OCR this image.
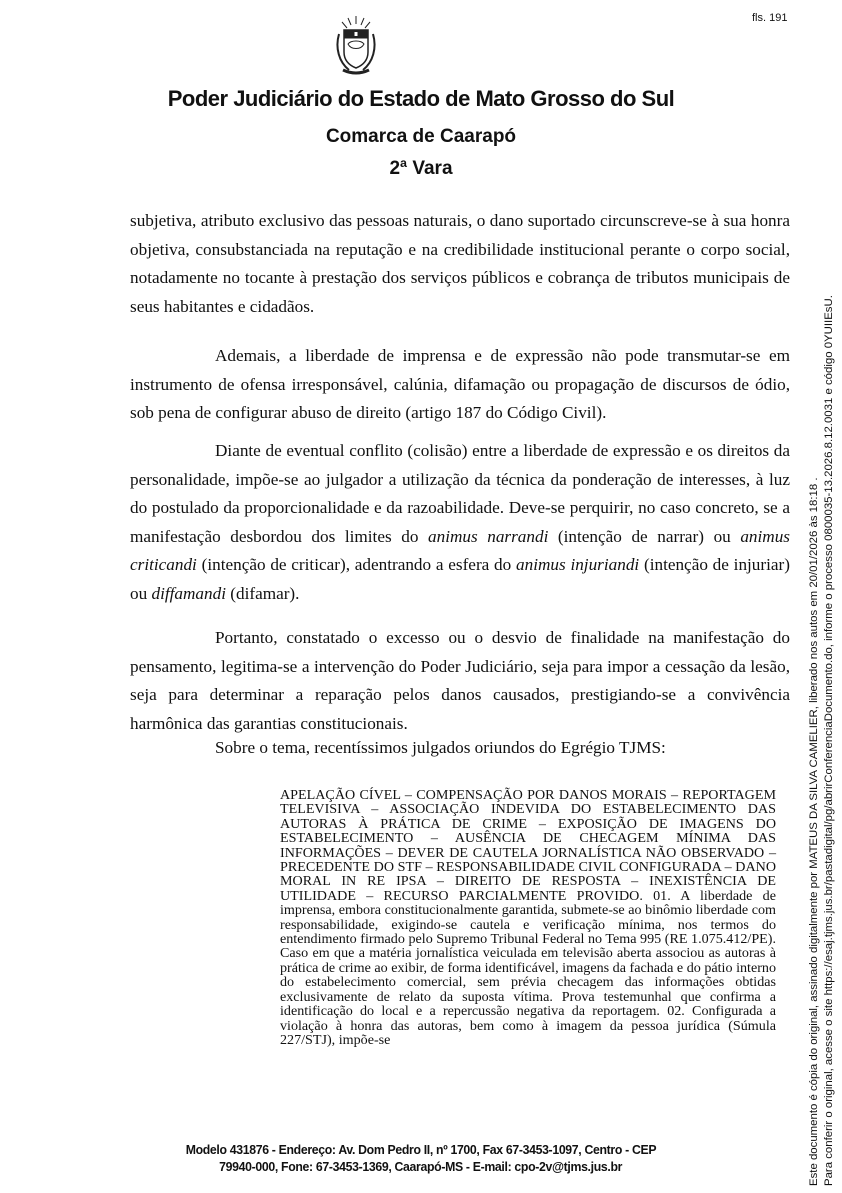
fls. 191
Poder Judiciário do Estado de Mato Grosso do Sul
Comarca de Caarapó
2ª Vara
subjetiva, atributo exclusivo das pessoas naturais, o dano suportado circunscreve-se à sua honra objetiva, consubstanciada na reputação e na credibilidade institucional perante o corpo social, notadamente no tocante à prestação dos serviços públicos e cobrança de tributos municipais de seus habitantes e cidadãos.
Ademais, a liberdade de imprensa e de expressão não pode transmutar-se em instrumento de ofensa irresponsável, calúnia, difamação ou propagação de discursos de ódio, sob pena de configurar abuso de direito (artigo 187 do Código Civil).
Diante de eventual conflito (colisão) entre a liberdade de expressão e os direitos da personalidade, impõe-se ao julgador a utilização da técnica da ponderação de interesses, à luz do postulado da proporcionalidade e da razoabilidade. Deve-se perquirir, no caso concreto, se a manifestação desbordou dos limites do animus narrandi (intenção de narrar) ou animus criticandi (intenção de criticar), adentrando a esfera do animus injuriandi (intenção de injuriar) ou diffamandi (difamar).
Portanto, constatado o excesso ou o desvio de finalidade na manifestação do pensamento, legitima-se a intervenção do Poder Judiciário, seja para impor a cessação da lesão, seja para determinar a reparação pelos danos causados, prestigiando-se a convivência harmônica das garantias constitucionais.
Sobre o tema, recentíssimos julgados oriundos do Egrégio TJMS:
APELAÇÃO CÍVEL – COMPENSAÇÃO POR DANOS MORAIS – REPORTAGEM TELEVISIVA – ASSOCIAÇÃO INDEVIDA DO ESTABELECIMENTO DAS AUTORAS À PRÁTICA DE CRIME – EXPOSIÇÃO DE IMAGENS DO ESTABELECIMENTO – AUSÊNCIA DE CHECAGEM MÍNIMA DAS INFORMAÇÕES – DEVER DE CAUTELA JORNALÍSTICA NÃO OBSERVADO – PRECEDENTE DO STF – RESPONSABILIDADE CIVIL CONFIGURADA – DANO MORAL IN RE IPSA – DIREITO DE RESPOSTA – INEXISTÊNCIA DE UTILIDADE – RECURSO PARCIALMENTE PROVIDO. 01. A liberdade de imprensa, embora constitucionalmente garantida, submete-se ao binômio liberdade com responsabilidade, exigindo-se cautela e verificação mínima, nos termos do entendimento firmado pelo Supremo Tribunal Federal no Tema 995 (RE 1.075.412/PE). Caso em que a matéria jornalística veiculada em televisão aberta associou as autoras à prática de crime ao exibir, de forma identificável, imagens da fachada e do pátio interno do estabelecimento comercial, sem prévia checagem das informações obtidas exclusivamente de relato da suposta vítima. Prova testemunhal que confirma a identificação do local e a repercussão negativa da reportagem. 02. Configurada a violação à honra das autoras, bem como à imagem da pessoa jurídica (Súmula 227/STJ), impõe-se
Modelo 431876 - Endereço: Av. Dom Pedro II, nº 1700, Fax 67-3453-1097, Centro - CEP
79940-000, Fone: 67-3453-1369, Caarapó-MS - E-mail: cpo-2v@tjms.jus.br	Este documento é cópia do original, assinado digitalmente por MATEUS DA SILVA CAMELIER, liberado nos autos em 20/01/2026 às 18:18 . Para conferir o original, acesse o site https://esaj.tjms.jus.br/pastadigital/pg/abrirConferenciaDocumento.do, informe o processo 0800035-13.2026.8.12.0031 e código 0YUIIEsU.
